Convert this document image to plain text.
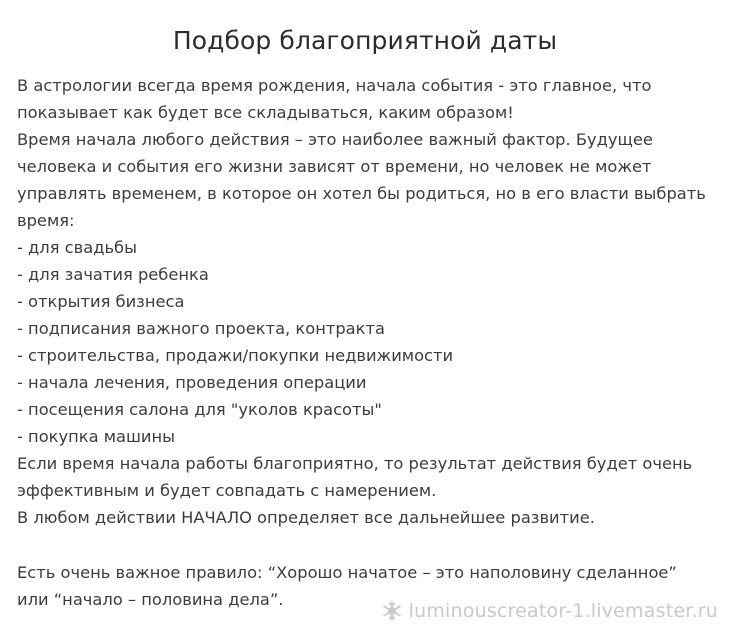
Подбор благоприятной даты
В астрологии всегда время рождения, начала события - это главное, что
показывает как будет все складываться, каким образом!
Время начала любого действия – это наиболее важный фактор. Будущее
человека и события его жизни зависят от времени, но человек не может
управлять временем, в которое он хотел бы родиться, но в его власти выбрать
время:
- для свадьбы
- для зачатия ребенка
- открытия бизнеса
- подписания важного проекта, контракта
- строительства, продажи/покупки недвижимости
- начала лечения, проведения операции
- посещения салона для "уколов красоты"
- покупка машины
Если время начала работы благоприятно, то результат действия будет очень
эффективным и будет совпадать с намерением.
В любом действии НАЧАЛО определяет все дальнейшее развитие.
Есть очень важное правило: “Хорошо начатое – это наполовину сделанное”
или “начало – половина дела”.
luminouscreator-1.livemaster.ru
